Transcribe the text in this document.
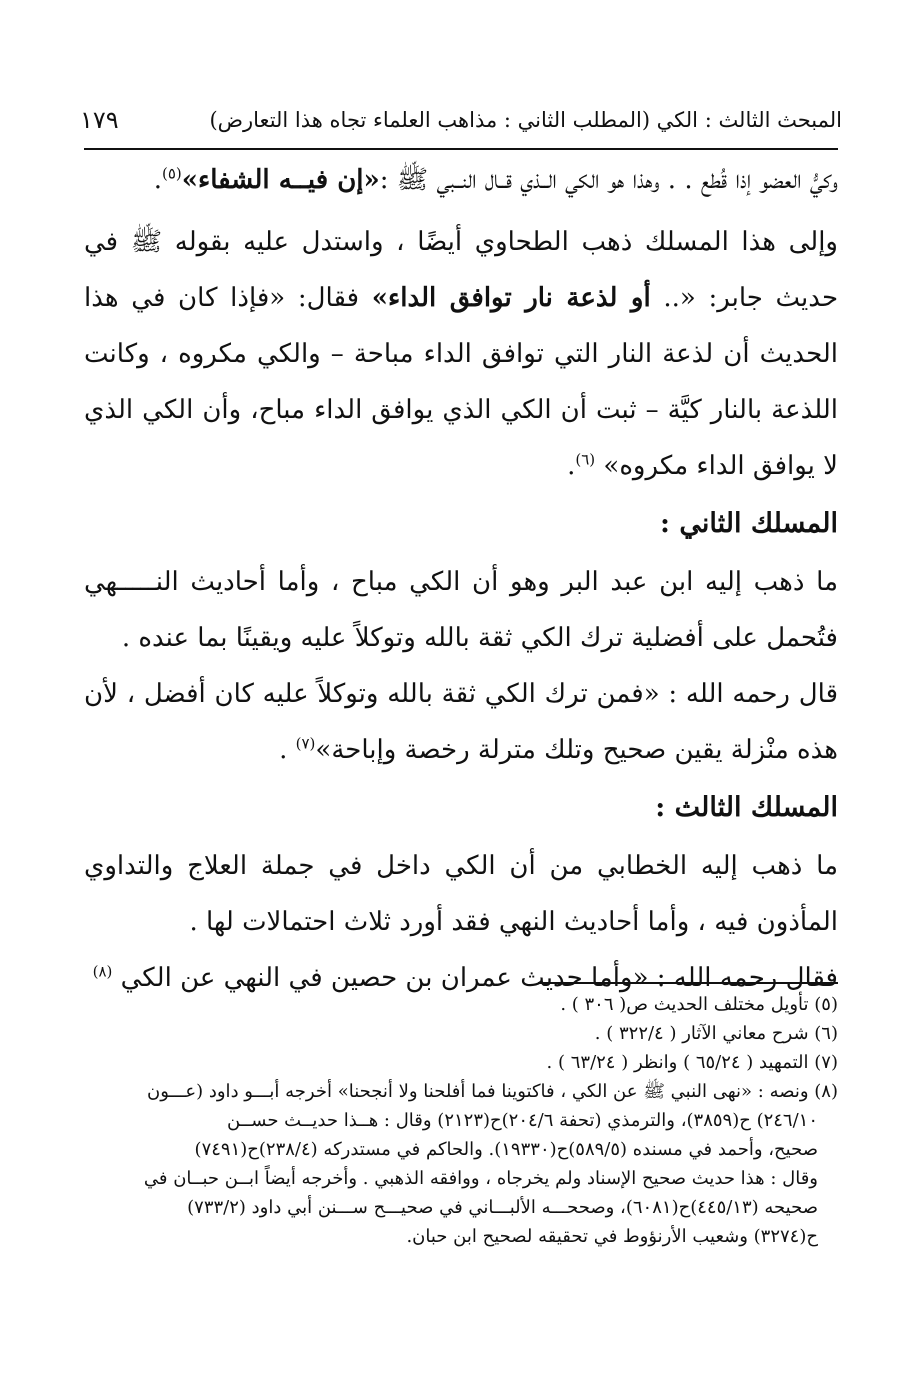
المبحث الثالث : الكي (المطلب الثاني : مذاهب العلماء تجاه هذا التعارض)
١٧٩

وكيُّ العضو إذا قُطع . . وهذا هو الكي الــذي قــال النــبي ﷺ :«إن فيــه الشفاء»$^{(٥)}$.

وإلى هذا المسلك ذهب الطحاوي أيضًا ، واستدل عليه بقوله ﷺ في حديث جابر: «.. أو لذعة نار توافق الداء» فقال: «فإذا كان في هذا الحديث أن لذعة النار التي توافق الداء مباحة – والكي مكروه ، وكانت اللذعة بالنار كيَّة – ثبت أن الكي الذي يوافق الداء مباح، وأن الكي الذي لا يوافق الداء مكروه» $^{(٦)}$.

المسلك الثاني :

ما ذهب إليه ابن عبد البر وهو أن الكي مباح ، وأما أحاديث النـــــهي فتُحمل على أفضلية ترك الكي ثقة بالله وتوكلاً عليه ويقينًا بما عنده .

قال رحمه الله : «فمن ترك الكي ثقة بالله وتوكلاً عليه كان أفضل ، لأن هذه منْزلة يقين صحيح وتلك مترلة رخصة وإباحة»$^{(٧)}$ .

المسلك الثالث :

ما ذهب إليه الخطابي من أن الكي داخل في جملة العلاج والتداوي المأذون فيه ، وأما أحاديث النهي فقد أورد ثلاث احتمالات لها .

فقال رحمه الله : «وأما حديث عمران بن حصين في النهي عن الكي $^{(٨)}$

(٥) تأويل مختلف الحديث ص( ٣٠٦ ) .

(٦) شرح معاني الآثار ( ٣٢٢/٤ ) .

(٧) التمهيد ( ٦٥/٢٤ ) وانظر ( ٦٣/٢٤ ) .

(٨) ونصه : «نهى النبي ﷺ عن الكي ، فاكتوينا فما أفلحنا ولا أنجحنا» أخرجه أبـــو داود (عـــون

٢٤٦/١٠) ح(٣٨٥٩)، والترمذي (تحفة ٢٠٤/٦)ح(٢١٢٣) وقال : هــذا حديــث حســن

صحيح، وأحمد في مسنده (٥٨٩/٥)ح(١٩٣٣٠). والحاكم في مستدركه (٢٣٨/٤)ح(٧٤٩١)

وقال : هذا حديث صحيح الإسناد ولم يخرجاه ، ووافقه الذهبي . وأخرجه أيضاً ابــن حبــان في

صحيحه (٤٤٥/١٣)ح(٦٠٨١)، وصححـــه الألبـــاني في صحيـــح ســـنن أبي داود (٧٣٣/٢)

ح(٣٢٧٤) وشعيب الأرنؤوط في تحقيقه لصحيح ابن حبان.
